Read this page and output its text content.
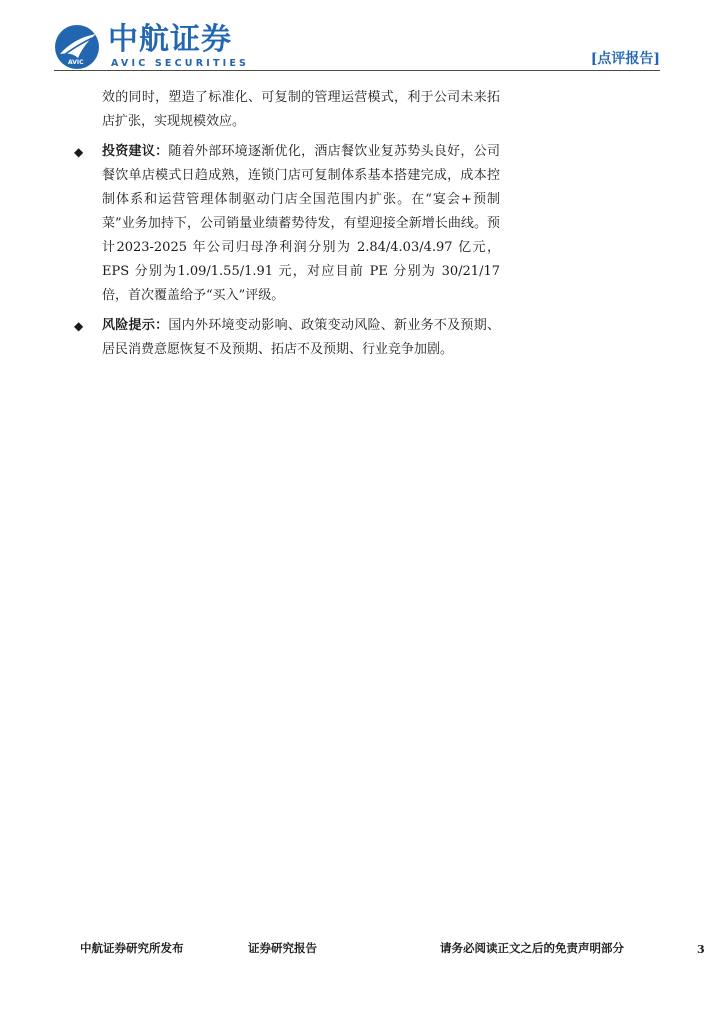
AVIC
中航证券
AVIC SECURITIES	[点评报告]

效的同时，塑造了标准化、可复制的管理运营模式，利于公司未来拓店扩张，实现规模效应。

◆ 投资建议：随着外部环境逐渐优化，酒店餐饮业复苏势头良好，公司餐饮单店模式日趋成熟，连锁门店可复制体系基本搭建完成，成本控制体系和运营管理体制驱动门店全国范围内扩张。在“宴会+预制菜”业务加持下，公司销量业绩蓄势待发，有望迎接全新增长曲线。预计2023-2025 年公司归母净利润分别为 2.84/4.03/4.97 亿元，EPS 分别为1.09/1.55/1.91 元，对应目前 PE 分别为 30/21/17 倍，首次覆盖给予“买入”评级。
◆ 风险提示：国内外环境变动影响、政策变动风险、新业务不及预期、居民消费意愿恢复不及预期、拓店不及预期、行业竞争加剧。
中航证券研究所发布	证券研究报告	请务必阅读正文之后的免责声明部分	3
